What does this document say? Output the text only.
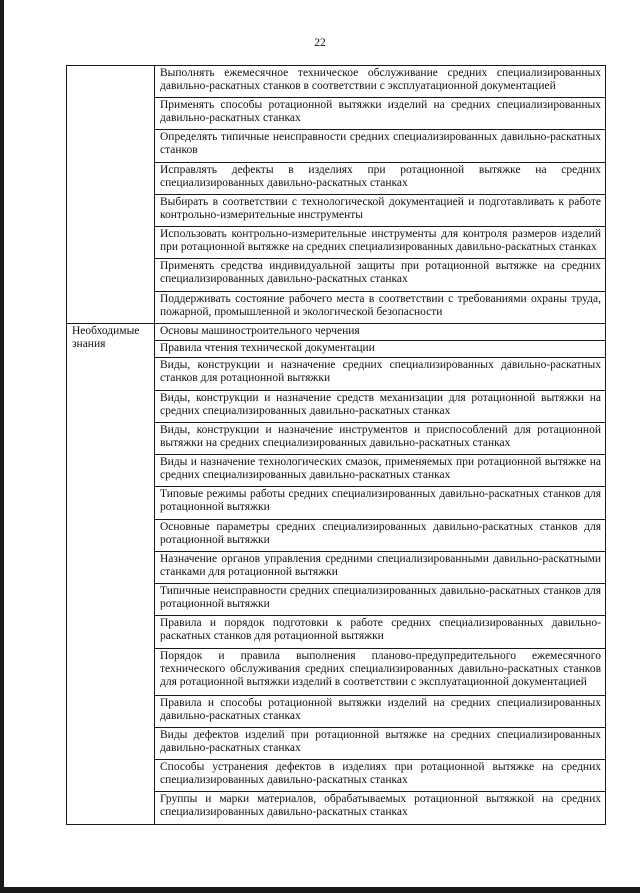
22
	Выполнять ежемесячное техническое обслуживание средних специализированных давильно-раскатных станков в соответствии с эксплуатационной документацией
	Применять способы ротационной вытяжки изделий на средних специализированных давильно-раскатных станках
	Определять типичные неисправности средних специализированных давильно-раскатных станков
	Исправлять дефекты в изделиях при ротационной вытяжке на средних специализированных давильно-раскатных станках
	Выбирать в соответствии с технологической документацией и подготавливать к работе контрольно-измерительные инструменты
	Использовать контрольно-измерительные инструменты для контроля размеров изделий при ротационной вытяжке на средних специализированных давильно-раскатных станках
	Применять средства индивидуальной защиты при ротационной вытяжке на средних специализированных давильно-раскатных станках
	Поддерживать состояние рабочего места в соответствии с требованиями охраны труда, пожарной, промышленной и экологической безопасности
Необходимые знания	Основы машиностроительного черчения
	Правила чтения технической документации
	Виды, конструкции и назначение средних специализированных давильно-раскатных станков для ротационной вытяжки
	Виды, конструкции и назначение средств механизации для ротационной вытяжки на средних специализированных давильно-раскатных станках
	Виды, конструкции и назначение инструментов и приспособлений для ротационной вытяжки на средних специализированных давильно-раскатных станках
	Виды и назначение технологических смазок, применяемых при ротационной вытяжке на средних специализированных давильно-раскатных станках
	Типовые режимы работы средних специализированных давильно-раскатных станков для ротационной вытяжки
	Основные параметры средних специализированных давильно-раскатных станков для ротационной вытяжки
	Назначение органов управления средними специализированными давильно-раскатными станками для ротационной вытяжки
	Типичные неисправности средних специализированных давильно-раскатных станков для ротационной вытяжки
	Правила и порядок подготовки к работе средних специализированных давильно-раскатных станков для ротационной вытяжки
	Порядок и правила выполнения планово-предупредительного ежемесячного технического обслуживания средних специализированных давильно-раскатных станков для ротационной вытяжки изделий в соответствии с эксплуатационной документацией
	Правила и способы ротационной вытяжки изделий на средних специализированных давильно-раскатных станках
	Виды дефектов изделий при ротационной вытяжке на средних специализированных давильно-раскатных станках
	Способы устранения дефектов в изделиях при ротационной вытяжке на средних специализированных давильно-раскатных станках
	Группы и марки материалов, обрабатываемых ротационной вытяжкой на средних специализированных давильно-раскатных станках
